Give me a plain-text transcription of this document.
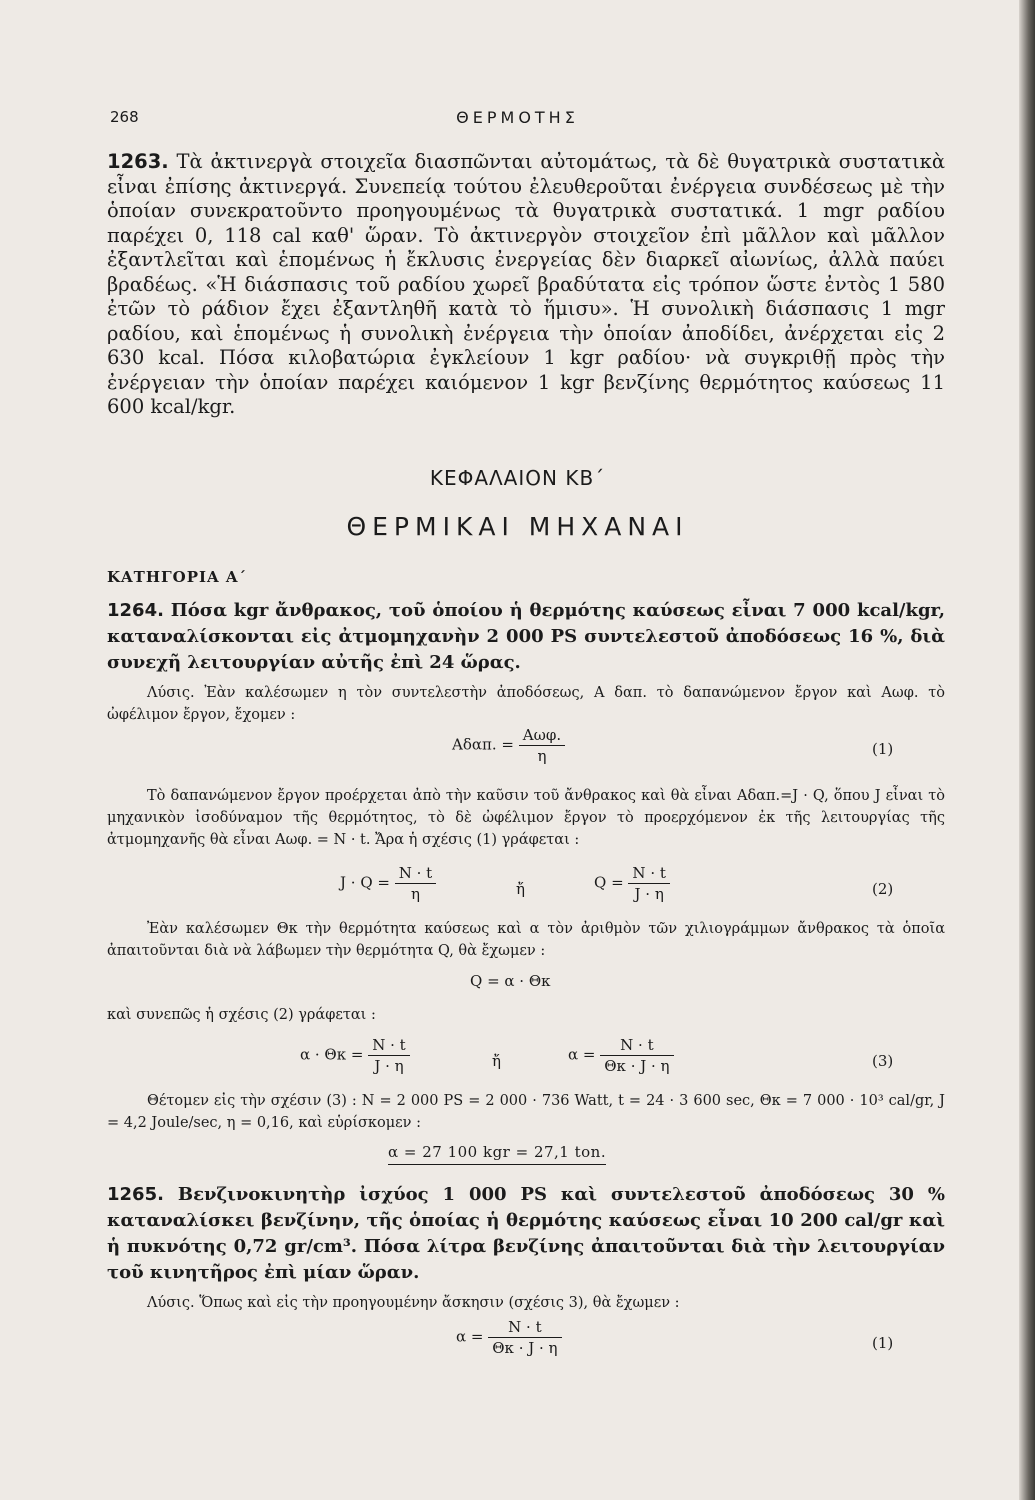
268	ΘΕΡΜΟΤΗΣ

1263. Τὰ ἀκτινεργὰ στοιχεῖα διασπῶνται αὐτομάτως, τὰ δὲ θυγατρικὰ συστατικὰ εἶναι ἐπίσης ἀκτινεργά. Συνεπείᾳ τούτου ἐλευθεροῦται ἐνέργεια συνδέσεως μὲ τὴν ὁποίαν συνεκρατοῦντο προηγουμένως τὰ θυγατρικὰ συστατικά. 1 mgr ραδίου παρέχει 0, 118 cal καθ' ὥραν. Τὸ ἀκτινεργὸν στοιχεῖον ἐπὶ μᾶλλον καὶ μᾶλλον ἐξαντλεῖται καὶ ἑπομένως ἡ ἔκλυσις ἐνεργείας δὲν διαρκεῖ αἰωνίως, ἀλλὰ παύει βραδέως. «Ἡ διάσπασις τοῦ ραδίου χωρεῖ βραδύτατα εἰς τρόπον ὥστε ἐντὸς 1 580 ἐτῶν τὸ ράδιον ἔχει ἐξαντληθῆ κατὰ τὸ ἥμισυ». Ἡ συνολικὴ διάσπασις 1 mgr ραδίου, καὶ ἑπομένως ἡ συνολικὴ ἐνέργεια τὴν ὁποίαν ἀποδίδει, ἀνέρχεται εἰς 2 630 kcal. Πόσα κιλοβατώρια ἐγκλείουν 1 kgr ραδίου· νὰ συγκριθῇ πρὸς τὴν ἐνέργειαν τὴν ὁποίαν παρέχει καιόμενον 1 kgr βενζίνης θερμότητος καύσεως 11 600 kcal/kgr.

ΚΕΦΑΛΑΙΟΝ ΚΒ΄
ΘΕΡΜΙΚΑΙ ΜΗΧΑΝΑΙ
ΚΑΤΗΓΟΡΙΑ Α΄

1264. Πόσα kgr ἄνθρακος, τοῦ ὁποίου ἡ θερμότης καύσεως εἶναι 7 000 kcal/kgr, καταναλίσκονται εἰς ἀτμομηχανὴν 2 000 PS συντελεστοῦ ἀποδόσεως 16 %, διὰ συνεχῆ λειτουργίαν αὐτῆς ἐπὶ 24 ὥρας.

Λύσις. Ἐὰν καλέσωμεν η τὸν συντελεστὴν ἀποδόσεως, A δαπ. τὸ δαπανώμενον ἔργον καὶ Aωφ. τὸ ὠφέλιμον ἔργον, ἔχομεν :

Aδαπ. = $\frac{\text{Aωφ.}}{\eta}$	(1)

Τὸ δαπανώμενον ἔργον προέρχεται ἀπὸ τὴν καῦσιν τοῦ ἄνθρακος καὶ θὰ εἶναι Aδαπ.=J · Q, ὅπου J εἶναι τὸ μηχανικὸν ἰσοδύναμον τῆς θερμότητος, τὸ δὲ ὠφέλιμον ἔργον τὸ προερχόμενον ἐκ τῆς λειτουργίας τῆς ἀτμομηχανῆς θὰ εἶναι Aωφ. = N · t. Ἄρα ἡ σχέσις (1) γράφεται :

$J \cdot Q = \frac{N \cdot t}{\eta}$	ἤ	$Q = \frac{N \cdot t}{J \cdot \eta}$	(2)

Ἐὰν καλέσωμεν Θκ τὴν θερμότητα καύσεως καὶ α τὸν ἀριθμὸν τῶν χιλιογράμμων ἄνθρακος τὰ ὁποῖα ἀπαιτοῦνται διὰ νὰ λάβωμεν τὴν θερμότητα Q, θὰ ἔχωμεν :

Q = α · Θκ

καὶ συνεπῶς ἡ σχέσις (2) γράφεται :

$\alpha \cdot \Theta\kappa = \frac{N \cdot t}{J \cdot \eta}$	ἤ	$\alpha = \frac{N \cdot t}{\Theta\kappa \cdot J \cdot \eta}$	(3)

Θέτομεν εἰς τὴν σχέσιν (3) : N = 2 000 PS = 2 000 · 736 Watt, t = 24 · 3 600 sec, Θκ = 7 000 · 10³ cal/gr, J = 4,2 Joule/sec, η = 0,16, καὶ εὑρίσκομεν :

α = 27 100 kgr = 27,1 ton.

1265. Βενζινοκινητὴρ ἰσχύος 1 000 PS καὶ συντελεστοῦ ἀποδόσεως 30 % καταναλίσκει βενζίνην, τῆς ὁποίας ἡ θερμότης καύσεως εἶναι 10 200 cal/gr καὶ ἡ πυκνότης 0,72 gr/cm³. Πόσα λίτρα βενζίνης ἀπαιτοῦνται διὰ τὴν λειτουργίαν τοῦ κινητῆρος ἐπὶ μίαν ὥραν.

Λύσις. Ὅπως καὶ εἰς τὴν προηγουμένην ἄσκησιν (σχέσις 3), θὰ ἔχωμεν :

$\alpha = \frac{N \cdot t}{\Theta\kappa \cdot J \cdot \eta}$	(1)
